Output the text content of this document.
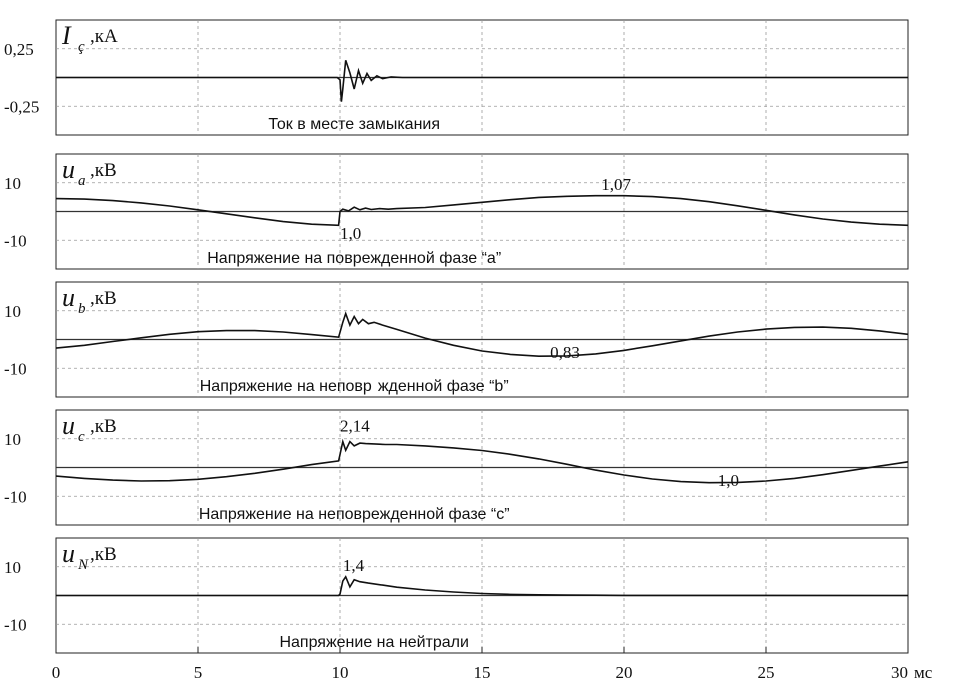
0,25
-0,25
I ç ,кА
Ток в месте замыкания
10
-10
u a ,кВ
1,07
1,0
Напряжение на поврежденной фазе “а”
10
-10
u b ,кВ
0,83
Напряжение на неповр жденной фазе “b”
10
-10
u c ,кВ	2,14
1,0
Напряжение на неповрежденной фазе “с”
10
-10
u N ,кВ
1,4
Напряжение на нейтрали
0	5	10	15	20	25	30 мс
